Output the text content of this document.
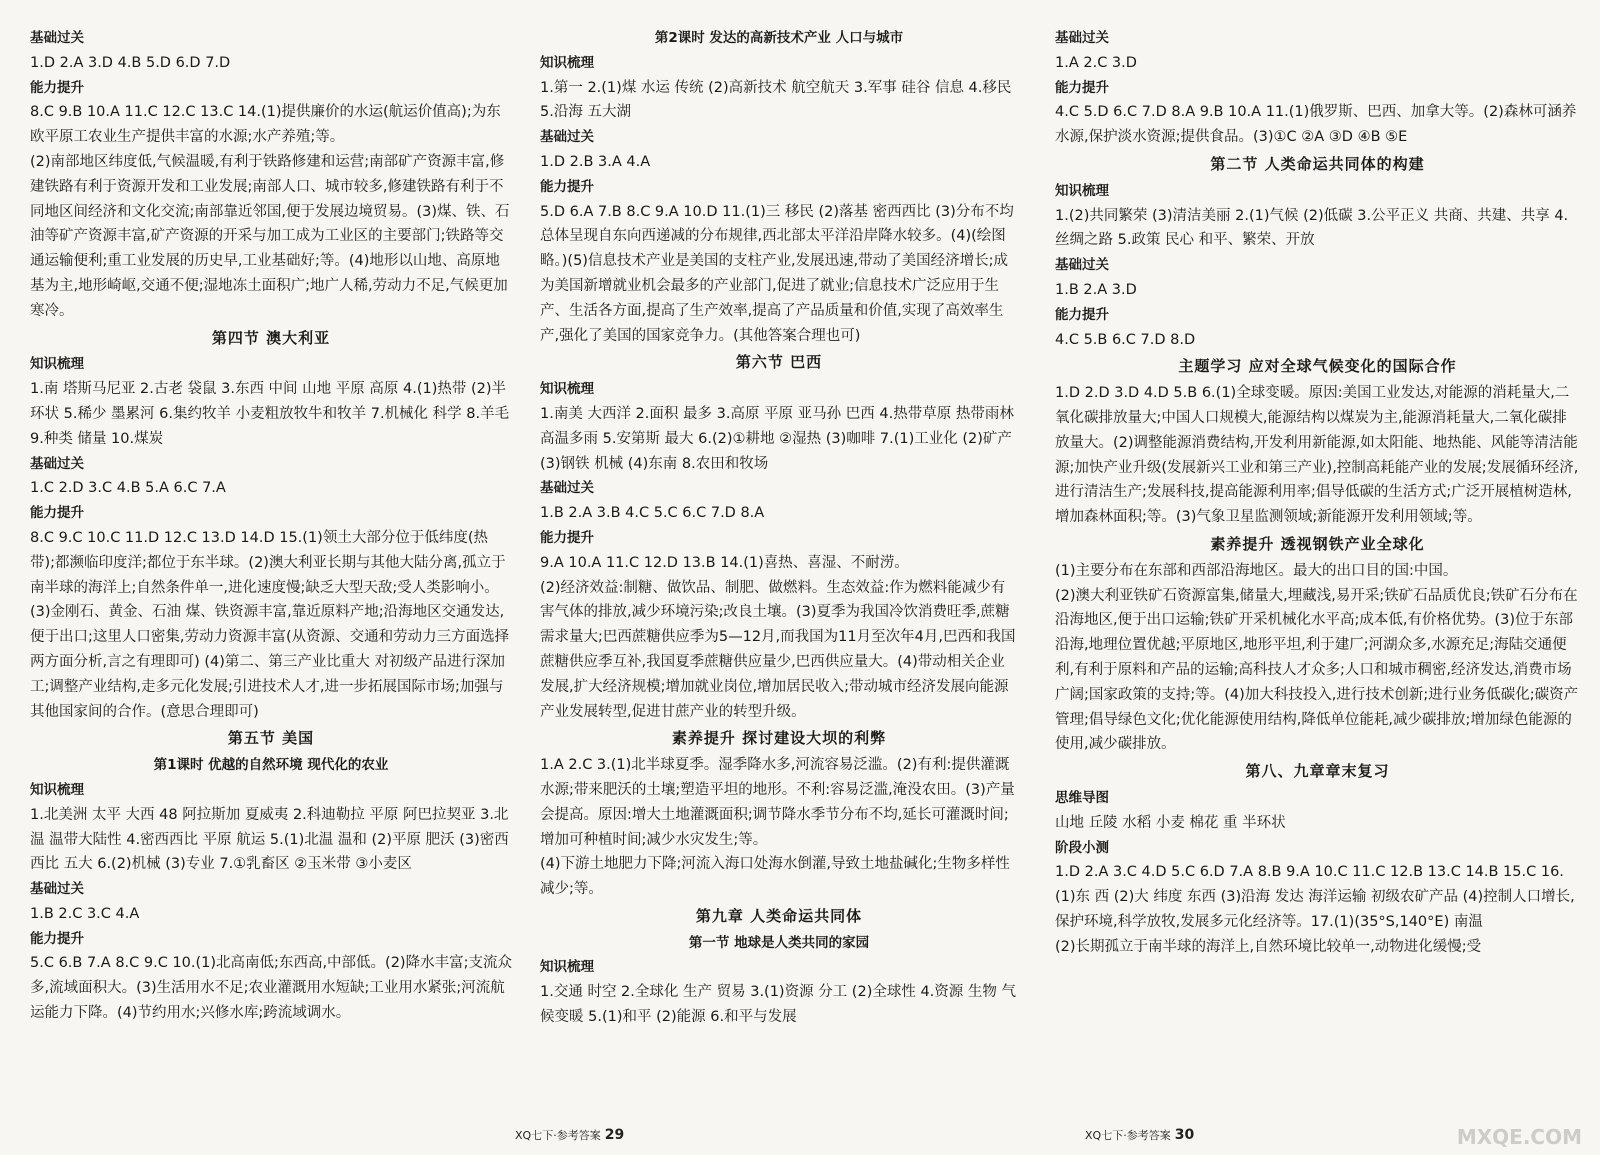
基础过关

1.D 2.A 3.D 4.B 5.D 6.D 7.D

能力提升

8.C 9.B 10.A 11.C 12.C 13.C 14.(1)提供廉价的水运(航运价值高);为东欧平原工农业生产提供丰富的水源;水产养殖;等。

(2)南部地区纬度低,气候温暖,有利于铁路修建和运营;南部矿产资源丰富,修建铁路有利于资源开发和工业发展;南部人口、城市较多,修建铁路有利于不同地区间经济和文化交流;南部靠近邻国,便于发展边境贸易。(3)煤、铁、石油等矿产资源丰富,矿产资源的开采与加工成为工业区的主要部门;铁路等交通运输便利;重工业发展的历史早,工业基础好;等。(4)地形以山地、高原地基为主,地形崎岖,交通不便;湿地冻土面积广;地广人稀,劳动力不足,气候更加寒冷。

第四节 澳大利亚

知识梳理

1.南 塔斯马尼亚 2.古老 袋鼠 3.东西 中间 山地 平原 高原 4.(1)热带 (2)半环状 5.稀少 墨累河 6.集约牧羊 小麦粗放牧牛和牧羊 7.机械化 科学 8.羊毛 9.种类 储量 10.煤炭

基础过关

1.C 2.D 3.C 4.B 5.A 6.C 7.A

能力提升

8.C 9.C 10.C 11.D 12.C 13.D 14.D 15.(1)领土大部分位于低纬度(热带);都濒临印度洋;都位于东半球。(2)澳大利亚长期与其他大陆分离,孤立于南半球的海洋上;自然条件单一,进化速度慢;缺乏大型天敌;受人类影响小。(3)金刚石、黄金、石油 煤、铁资源丰富,靠近原料产地;沿海地区交通发达,便于出口;这里人口密集,劳动力资源丰富(从资源、交通和劳动力三方面选择两方面分析,言之有理即可) (4)第二、第三产业比重大 对初级产品进行深加工;调整产业结构,走多元化发展;引进技术人才,进一步拓展国际市场;加强与其他国家间的合作。(意思合理即可)

第五节 美国

第1课时 优越的自然环境 现代化的农业

知识梳理

1.北美洲 太平 大西 48 阿拉斯加 夏威夷 2.科迪勒拉 平原 阿巴拉契亚 3.北温 温带大陆性 4.密西西比 平原 航运 5.(1)北温 温和 (2)平原 肥沃 (3)密西西比 五大 6.(2)机械 (3)专业 7.①乳畜区 ②玉米带 ③小麦区

基础过关

1.B 2.C 3.C 4.A

能力提升

5.C 6.B 7.A 8.C 9.C 10.(1)北高南低;东西高,中部低。(2)降水丰富;支流众多,流域面积大。(3)生活用水不足;农业灌溉用水短缺;工业用水紧张;河流航运能力下降。(4)节约用水;兴修水库;跨流域调水。

第2课时 发达的高新技术产业 人口与城市

知识梳理

1.第一 2.(1)煤 水运 传统 (2)高新技术 航空航天 3.军事 硅谷 信息 4.移民 5.沿海 五大湖

基础过关

1.D 2.B 3.A 4.A

能力提升

5.D 6.A 7.B 8.C 9.A 10.D 11.(1)三 移民 (2)落基 密西西比 (3)分布不均总体呈现自东向西递减的分布规律,西北部太平洋沿岸降水较多。(4)(绘图略。)(5)信息技术产业是美国的支柱产业,发展迅速,带动了美国经济增长;成为美国新增就业机会最多的产业部门,促进了就业;信息技术广泛应用于生产、生活各方面,提高了生产效率,提高了产品质量和价值,实现了高效率生产,强化了美国的国家竞争力。(其他答案合理也可)

第六节 巴西

知识梳理

1.南美 大西洋 2.面积 最多 3.高原 平原 亚马孙 巴西 4.热带草原 热带雨林 高温多雨 5.安第斯 最大 6.(2)①耕地 ②湿热 (3)咖啡 7.(1)工业化 (2)矿产 (3)钢铁 机械 (4)东南 8.农田和牧场

基础过关

1.B 2.A 3.B 4.C 5.C 6.C 7.D 8.A

能力提升

9.A 10.A 11.C 12.D 13.B 14.(1)喜热、喜湿、不耐涝。

(2)经济效益:制糖、做饮品、制肥、做燃料。生态效益:作为燃料能减少有害气体的排放,减少环境污染;改良土壤。(3)夏季为我国冷饮消费旺季,蔗糖需求量大;巴西蔗糖供应季为5—12月,而我国为11月至次年4月,巴西和我国蔗糖供应季互补,我国夏季蔗糖供应量少,巴西供应量大。(4)带动相关企业发展,扩大经济规模;增加就业岗位,增加居民收入;带动城市经济发展向能源产业发展转型,促进甘蔗产业的转型升级。

素养提升 探讨建设大坝的利弊

1.A 2.C 3.(1)北半球夏季。湿季降水多,河流容易泛滥。(2)有利:提供灌溉水源;带来肥沃的土壤;塑造平坦的地形。不利:容易泛滥,淹没农田。(3)产量会提高。原因:增大土地灌溉面积;调节降水季节分布不均,延长可灌溉时间;增加可种植时间;减少水灾发生;等。

(4)下游土地肥力下降;河流入海口处海水倒灌,导致土地盐碱化;生物多样性减少;等。

第九章 人类命运共同体

第一节 地球是人类共同的家园

知识梳理

1.交通 时空 2.全球化 生产 贸易 3.(1)资源 分工 (2)全球性 4.资源 生物 气候变暖 5.(1)和平 (2)能源 6.和平与发展

基础过关

1.A 2.C 3.D

能力提升

4.C 5.D 6.C 7.D 8.A 9.B 10.A 11.(1)俄罗斯、巴西、加拿大等。(2)森林可涵养水源,保护淡水资源;提供食品。(3)①C ②A ③D ④B ⑤E

第二节 人类命运共同体的构建

知识梳理

1.(2)共同繁荣 (3)清洁美丽 2.(1)气候 (2)低碳 3.公平正义 共商、共建、共享 4.丝绸之路 5.政策 民心 和平、繁荣、开放

基础过关

1.B 2.A 3.D

能力提升

4.C 5.B 6.C 7.D 8.D

主题学习 应对全球气候变化的国际合作

1.D 2.D 3.D 4.D 5.B 6.(1)全球变暖。原因:美国工业发达,对能源的消耗量大,二氧化碳排放量大;中国人口规模大,能源结构以煤炭为主,能源消耗量大,二氧化碳排放量大。(2)调整能源消费结构,开发利用新能源,如太阳能、地热能、风能等清洁能源;加快产业升级(发展新兴工业和第三产业),控制高耗能产业的发展;发展循环经济,进行清洁生产;发展科技,提高能源利用率;倡导低碳的生活方式;广泛开展植树造林,增加森林面积;等。(3)气象卫星监测领域;新能源开发利用领域;等。

素养提升 透视钢铁产业全球化

(1)主要分布在东部和西部沿海地区。最大的出口目的国:中国。

(2)澳大利亚铁矿石资源富集,储量大,埋藏浅,易开采;铁矿石品质优良;铁矿石分布在沿海地区,便于出口运输;铁矿开采机械化水平高;成本低,有价格优势。(3)位于东部沿海,地理位置优越;平原地区,地形平坦,利于建厂;河湖众多,水源充足;海陆交通便利,有利于原料和产品的运输;高科技人才众多;人口和城市稠密,经济发达,消费市场广阔;国家政策的支持;等。(4)加大科技投入,进行技术创新;进行业务低碳化;碳资产管理;倡导绿色文化;优化能源使用结构,降低单位能耗,减少碳排放;增加绿色能源的使用,减少碳排放。

第八、九章章末复习

思维导图

山地 丘陵 水稻 小麦 棉花 重 半环状

阶段小测

1.D 2.A 3.C 4.D 5.C 6.D 7.A 8.B 9.A 10.C 11.C 12.B 13.C 14.B 15.C 16.(1)东 西 (2)大 纬度 东西 (3)沿海 发达 海洋运输 初级农矿产品 (4)控制人口增长,保护环境,科学放牧,发展多元化经济等。17.(1)(35°S,140°E) 南温

(2)长期孤立于南半球的海洋上,自然环境比较单一,动物进化缓慢;受

XQ七下·参考答案 29	XQ七下·参考答案 30	MXQE.COM
